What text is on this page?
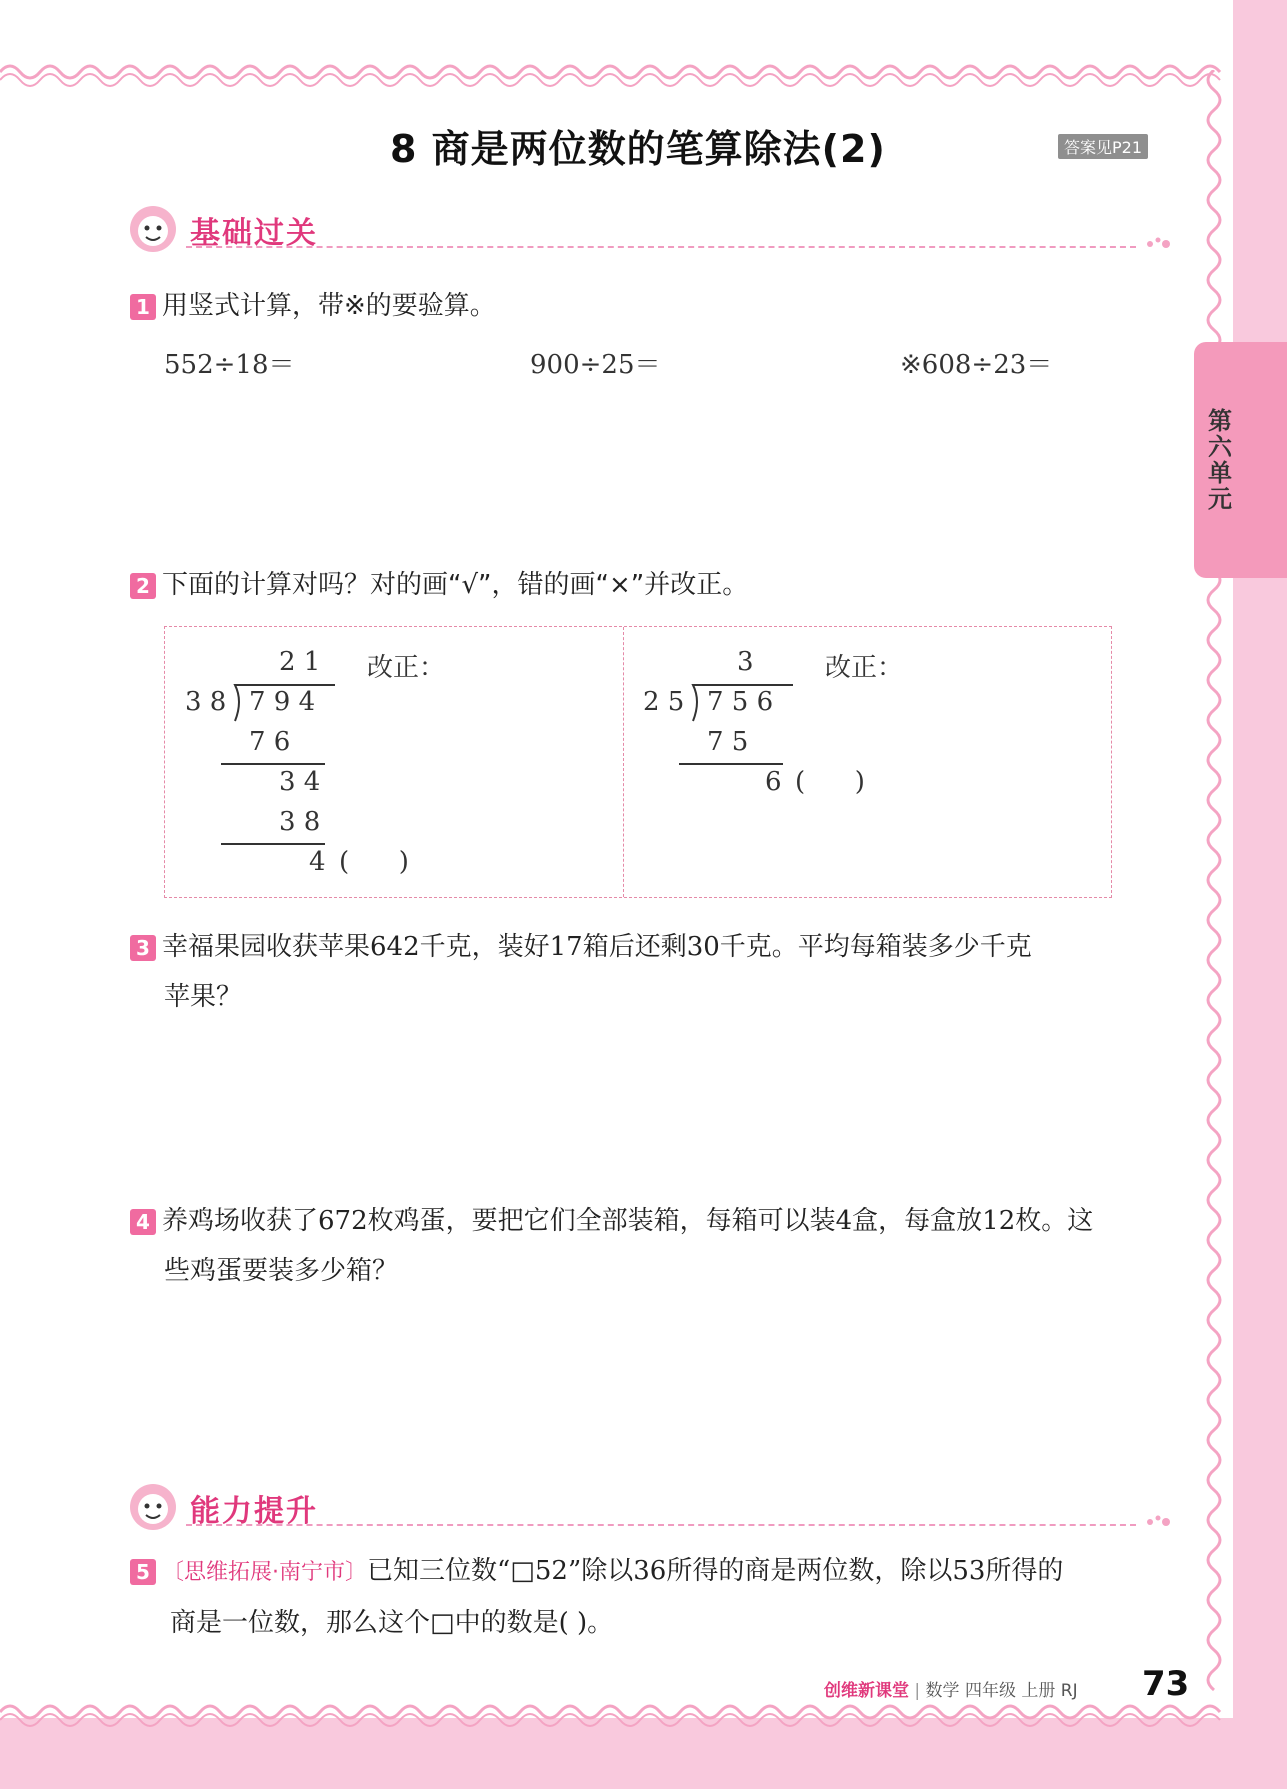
8 商是两位数的笔算除法(2)	答案见P21
第六单元
基础过关
1 用竖式计算，带※的要验算。
552÷18＝	900÷25＝	※608÷23＝
2 下面的计算对吗？对的画“√”，错的画“×”并改正。
2 1 改正：
3 8 7 9 4
7 6
3 4
3 8
4 (      )
3	改正：
2 5 7 5 6
7 5
6 (      )
3 幸福果园收获苹果642千克，装好17箱后还剩30千克。平均每箱装多少千克
苹果？
4 养鸡场收获了672枚鸡蛋，要把它们全部装箱，每箱可以装4盒，每盒放12枚。这
些鸡蛋要装多少箱？
能力提升
5 〔思维拓展·南宁市〕已知三位数“□52”除以36所得的商是两位数，除以53所得的
商是一位数，那么这个□中的数是( )。
创维新课堂 | 数学 四年级 上册 RJ 73
